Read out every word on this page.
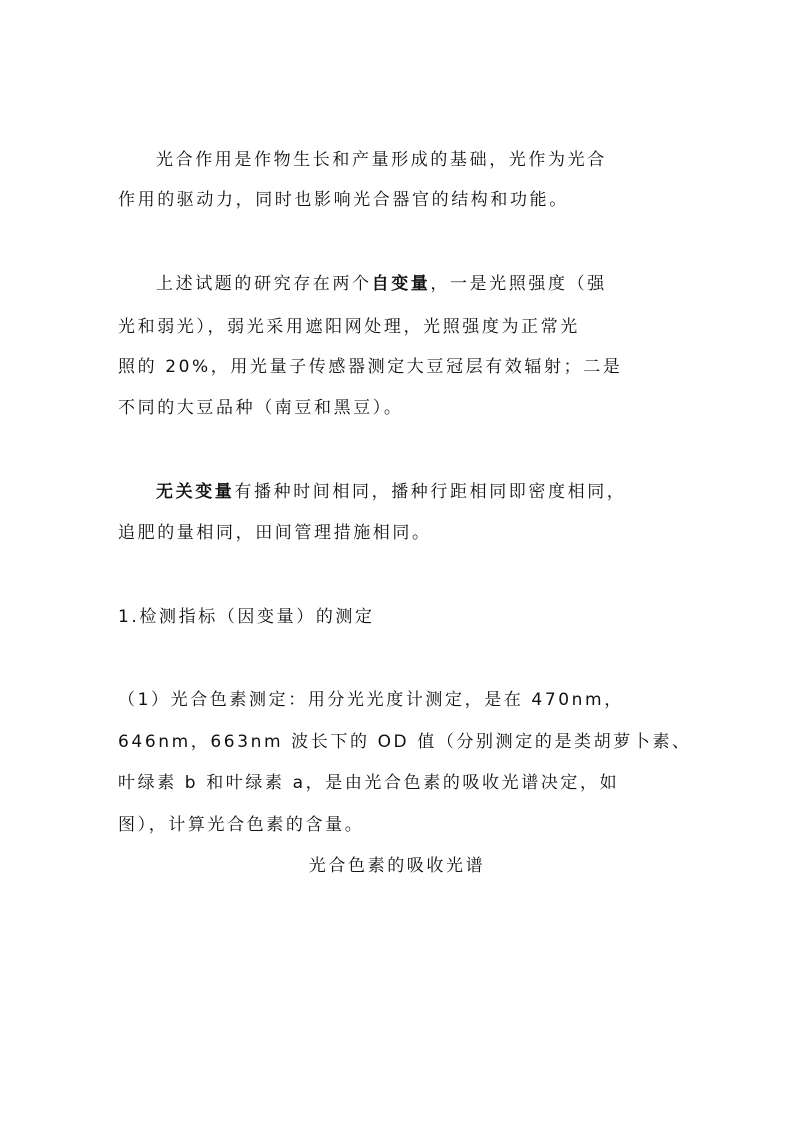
光合作用是作物生长和产量形成的基础，光作为光合
作用的驱动力，同时也影响光合器官的结构和功能。
上述试题的研究存在两个自变量，一是光照强度（强
光和弱光），弱光采用遮阳网处理，光照强度为正常光
照的 20%，用光量子传感器测定大豆冠层有效辐射；二是
不同的大豆品种（南豆和黑豆）。
无关变量有播种时间相同，播种行距相同即密度相同，
追肥的量相同，田间管理措施相同。
1.检测指标（因变量）的测定
（1）光合色素测定：用分光光度计测定，是在 470nm，
646nm，663nm 波长下的 OD 值（分别测定的是类胡萝卜素、
叶绿素 b 和叶绿素 a，是由光合色素的吸收光谱决定，如
图），计算光合色素的含量。
光合色素的吸收光谱
